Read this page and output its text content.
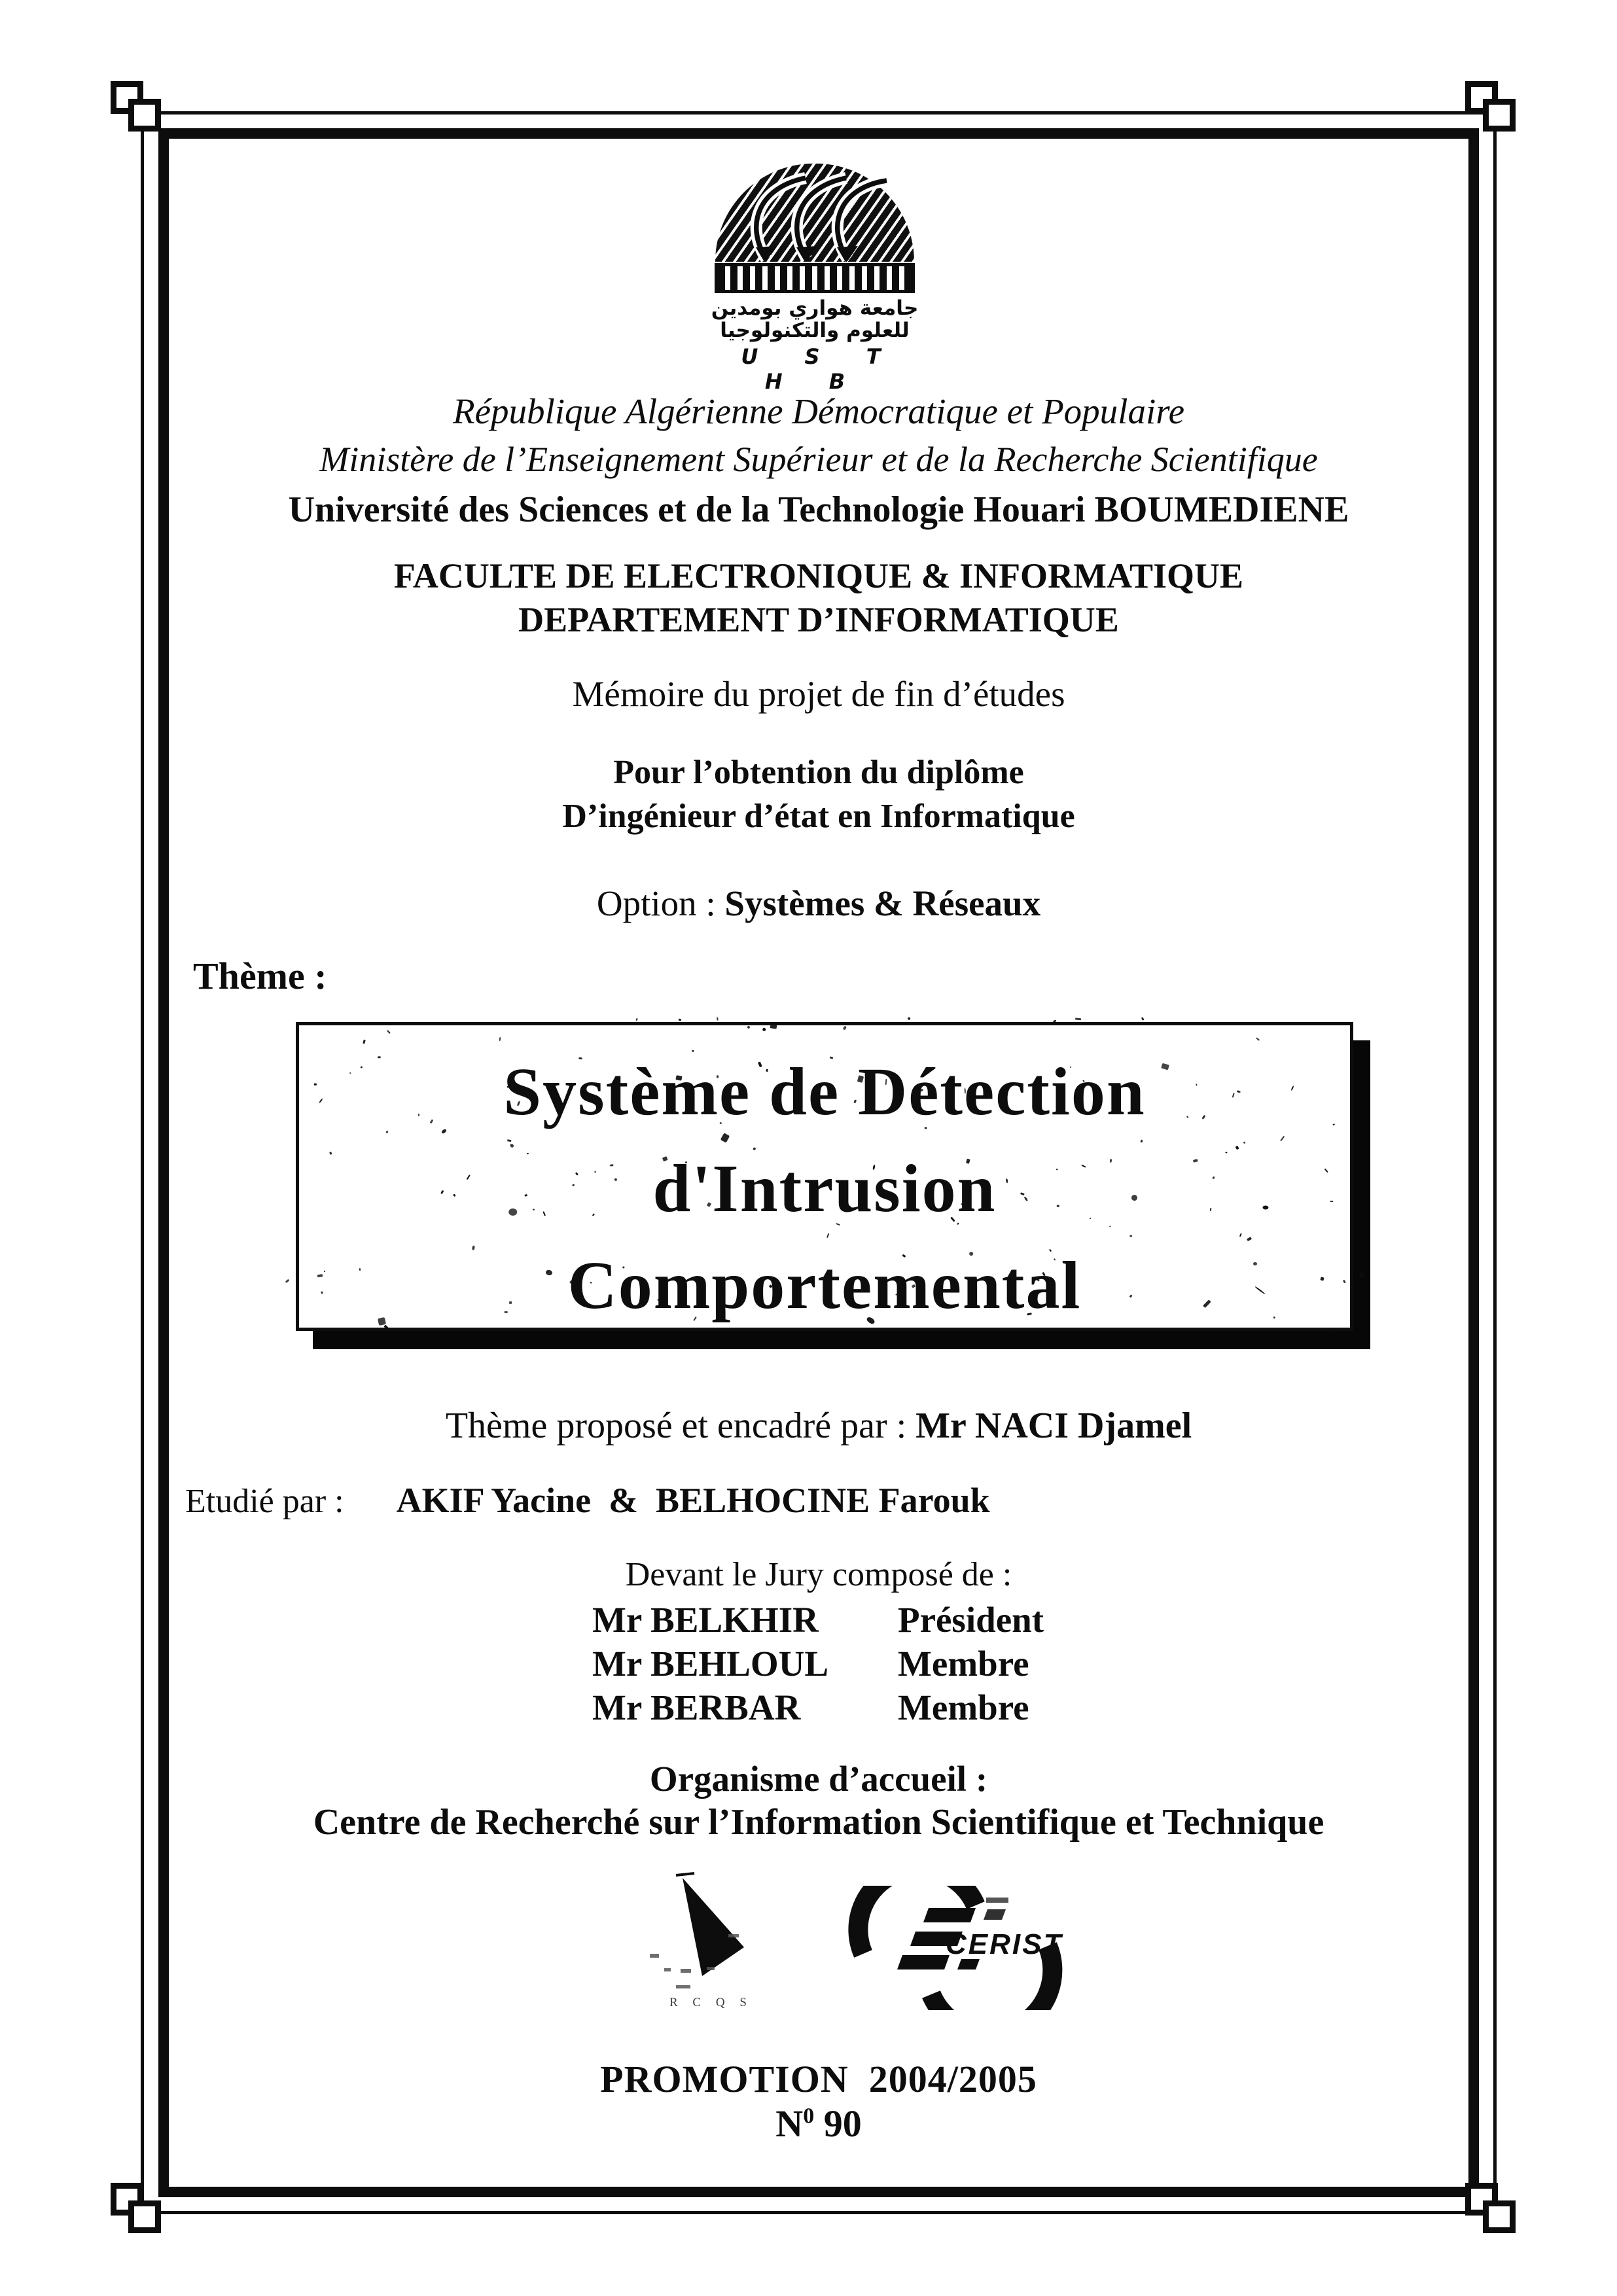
جامعة هواري بومدين
للعلوم والتكنولوجيا
U S T H B
République Algérienne Démocratique et Populaire
Ministère de l’Enseignement Supérieur et de la Recherche Scientifique
Université des Sciences et de la Technologie Houari BOUMEDIENE
FACULTE DE ELECTRONIQUE & INFORMATIQUE
DEPARTEMENT D’INFORMATIQUE
Mémoire du projet de fin d’études
Pour l’obtention du diplôme
D’ingénieur d’état en Informatique
Option : Systèmes & Réseaux
Thème :
Système de Détection
d'Intrusion
Comportemental
Thème proposé et encadré par : Mr NACI Djamel
Etudié par : AKIF Yacine  &  BELHOCINE Farouk
Devant le Jury composé de :
Mr BELKHIR Président
Mr BEHLOUL Membre
Mr BERBAR	Membre
Organisme d’accueil :
Centre de Recherché sur l’Information Scientifique et Technique
R C Q S
CERIST
PROMOTION  2004/2005
$N^0$ 90
